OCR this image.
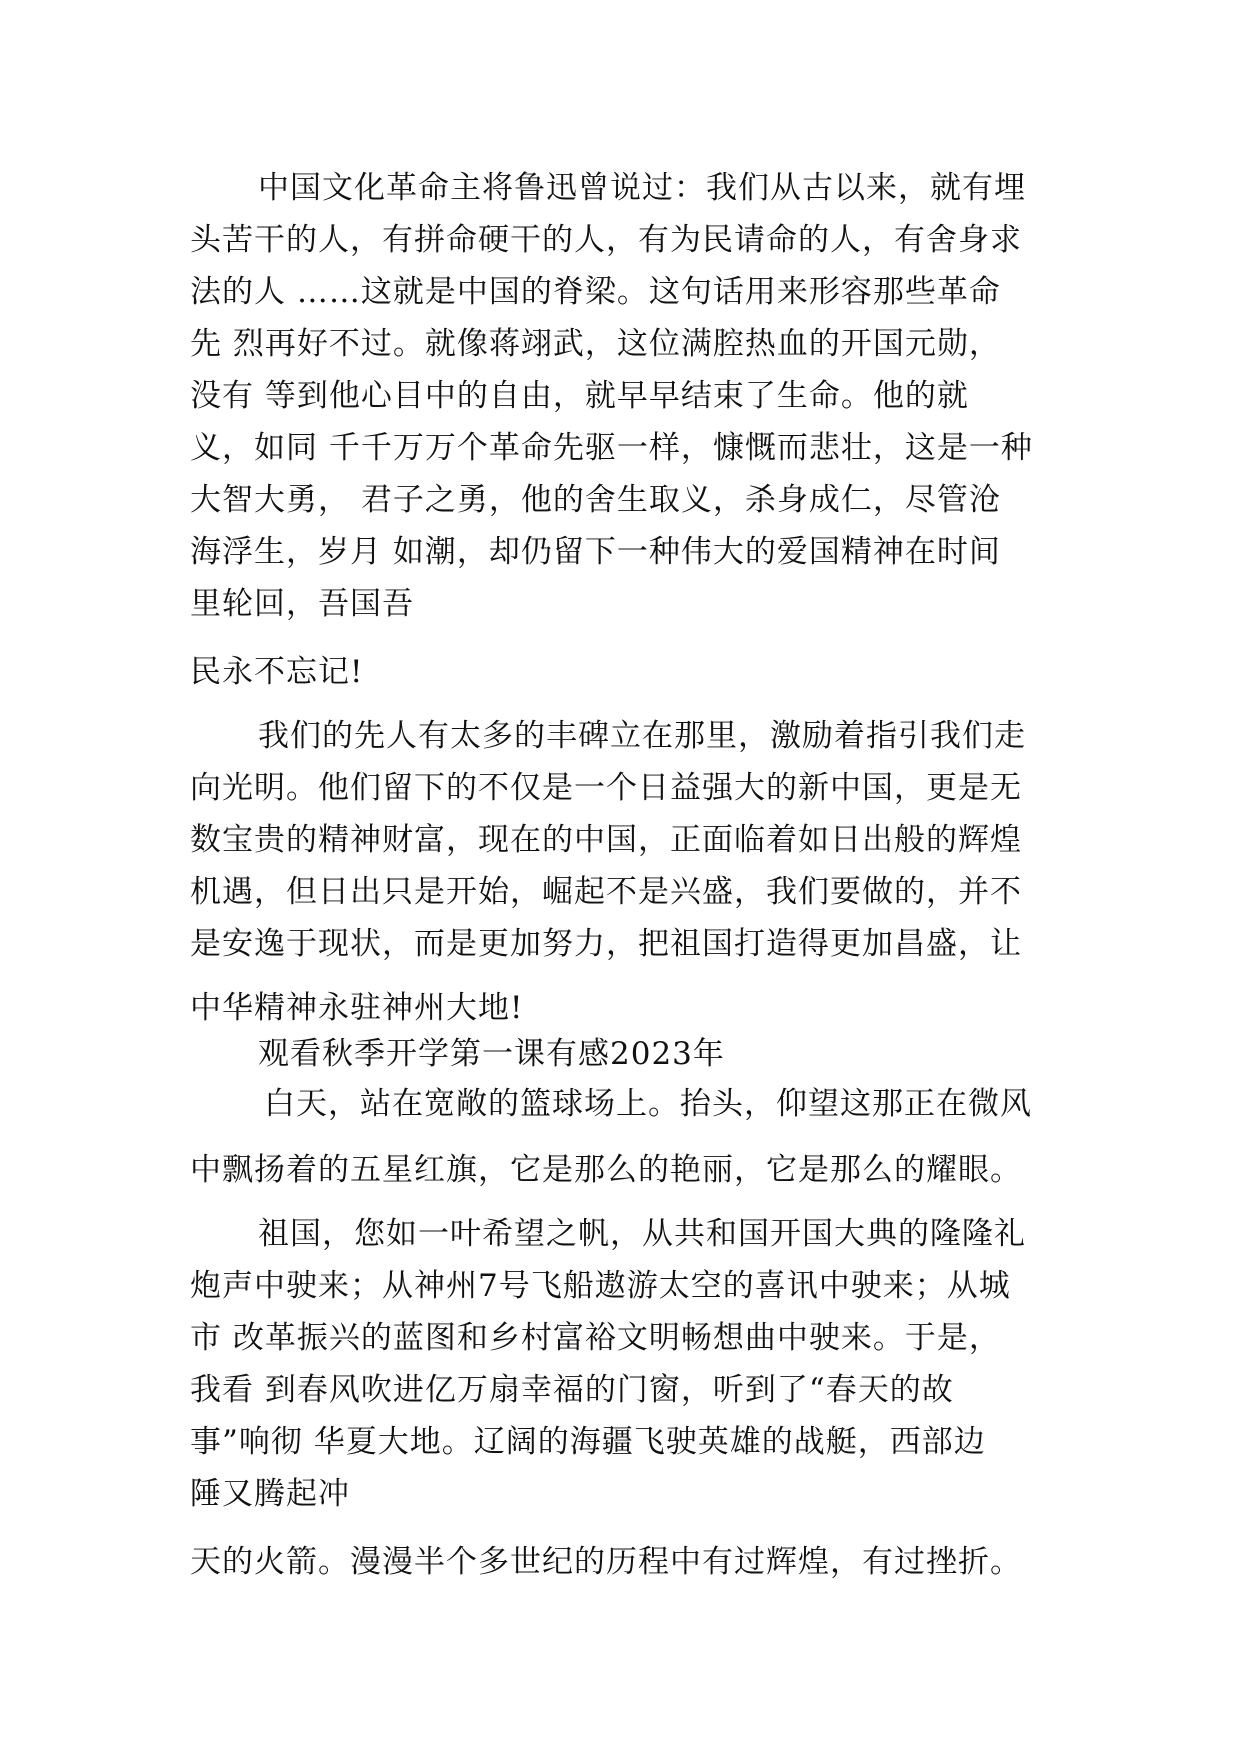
中国文化革命主将鲁迅曾说过：我们从古以来，就有埋
头苦干的人，有拼命硬干的人，有为民请命的人，有舍身求
法的人 ……这就是中国的脊梁。这句话用来形容那些革命
先 烈再好不过。就像蒋翊武，这位满腔热血的开国元勋，
没有 等到他心目中的自由，就早早结束了生命。他的就
义，如同 千千万万个革命先驱一样，慷慨而悲壮，这是一种
大智大勇， 君子之勇，他的舍生取义，杀身成仁，尽管沧
海浮生，岁月 如潮，却仍留下一种伟大的爱国精神在时间
里轮回，吾国吾
民永不忘记!
我们的先人有太多的丰碑立在那里，激励着指引我们走
向光明。他们留下的不仅是一个日益强大的新中国，更是无
数宝贵的精神财富，现在的中国，正面临着如日出般的辉煌
机遇，但日出只是开始，崛起不是兴盛，我们要做的，并不
是安逸于现状，而是更加努力，把祖国打造得更加昌盛，让
中华精神永驻神州大地!
观看秋季开学第一课有感2023年
白天，站在宽敞的篮球场上。抬头，仰望这那正在微风
中飘扬着的五星红旗，它是那么的艳丽，它是那么的耀眼。
祖国，您如一叶希望之帆，从共和国开国大典的隆隆礼
炮声中驶来；从神州7号飞船遨游太空的喜讯中驶来；从城
市 改革振兴的蓝图和乡村富裕文明畅想曲中驶来。于是，
我看 到春风吹进亿万扇幸福的门窗，听到了“春天的故
事”响彻 华夏大地。辽阔的海疆飞驶英雄的战艇，西部边
陲又腾起冲
天的火箭。漫漫半个多世纪的历程中有过辉煌，有过挫折。
